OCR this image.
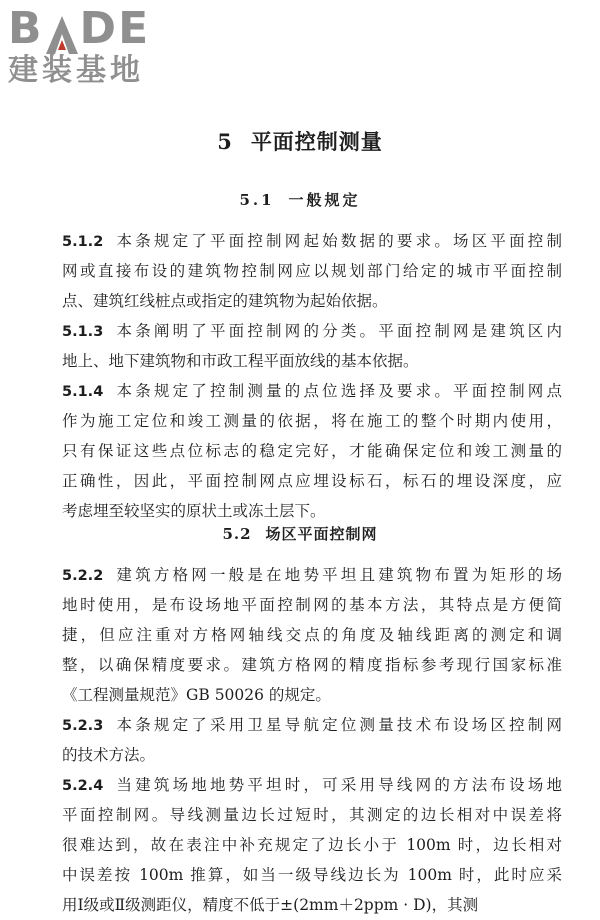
B DE
建装基地
5 平面控制测量
5.1 一般规定
5.1.2 本条规定了平面控制网起始数据的要求。场区平面控制
网或直接布设的建筑物控制网应以规划部门给定的城市平面控制
点、建筑红线桩点或指定的建筑物为起始依据。
5.1.3 本条阐明了平面控制网的分类。平面控制网是建筑区内
地上、地下建筑物和市政工程平面放线的基本依据。
5.1.4 本条规定了控制测量的点位选择及要求。平面控制网点
作为施工定位和竣工测量的依据，将在施工的整个时期内使用，
只有保证这些点位标志的稳定完好，才能确保定位和竣工测量的
正确性，因此，平面控制网点应埋设标石，标石的埋设深度，应
考虑埋至较坚实的原状土或冻土层下。
5.2 场区平面控制网
5.2.2 建筑方格网一般是在地势平坦且建筑物布置为矩形的场
地时使用，是布设场地平面控制网的基本方法，其特点是方便简
捷，但应注重对方格网轴线交点的角度及轴线距离的测定和调
整，以确保精度要求。建筑方格网的精度指标参考现行国家标准
《工程测量规范》GB 50026 的规定。
5.2.3 本条规定了采用卫星导航定位测量技术布设场区控制网
的技术方法。
5.2.4 当建筑场地地势平坦时，可采用导线网的方法布设场地
平面控制网。导线测量边长过短时，其测定的边长相对中误差将
很难达到，故在表注中补充规定了边长小于 100m 时，边长相对
中误差按 100m 推算，如当一级导线边长为 100m 时，此时应采
用Ⅰ级或Ⅱ级测距仪，精度不低于±(2mm＋2ppm · D)，其测
